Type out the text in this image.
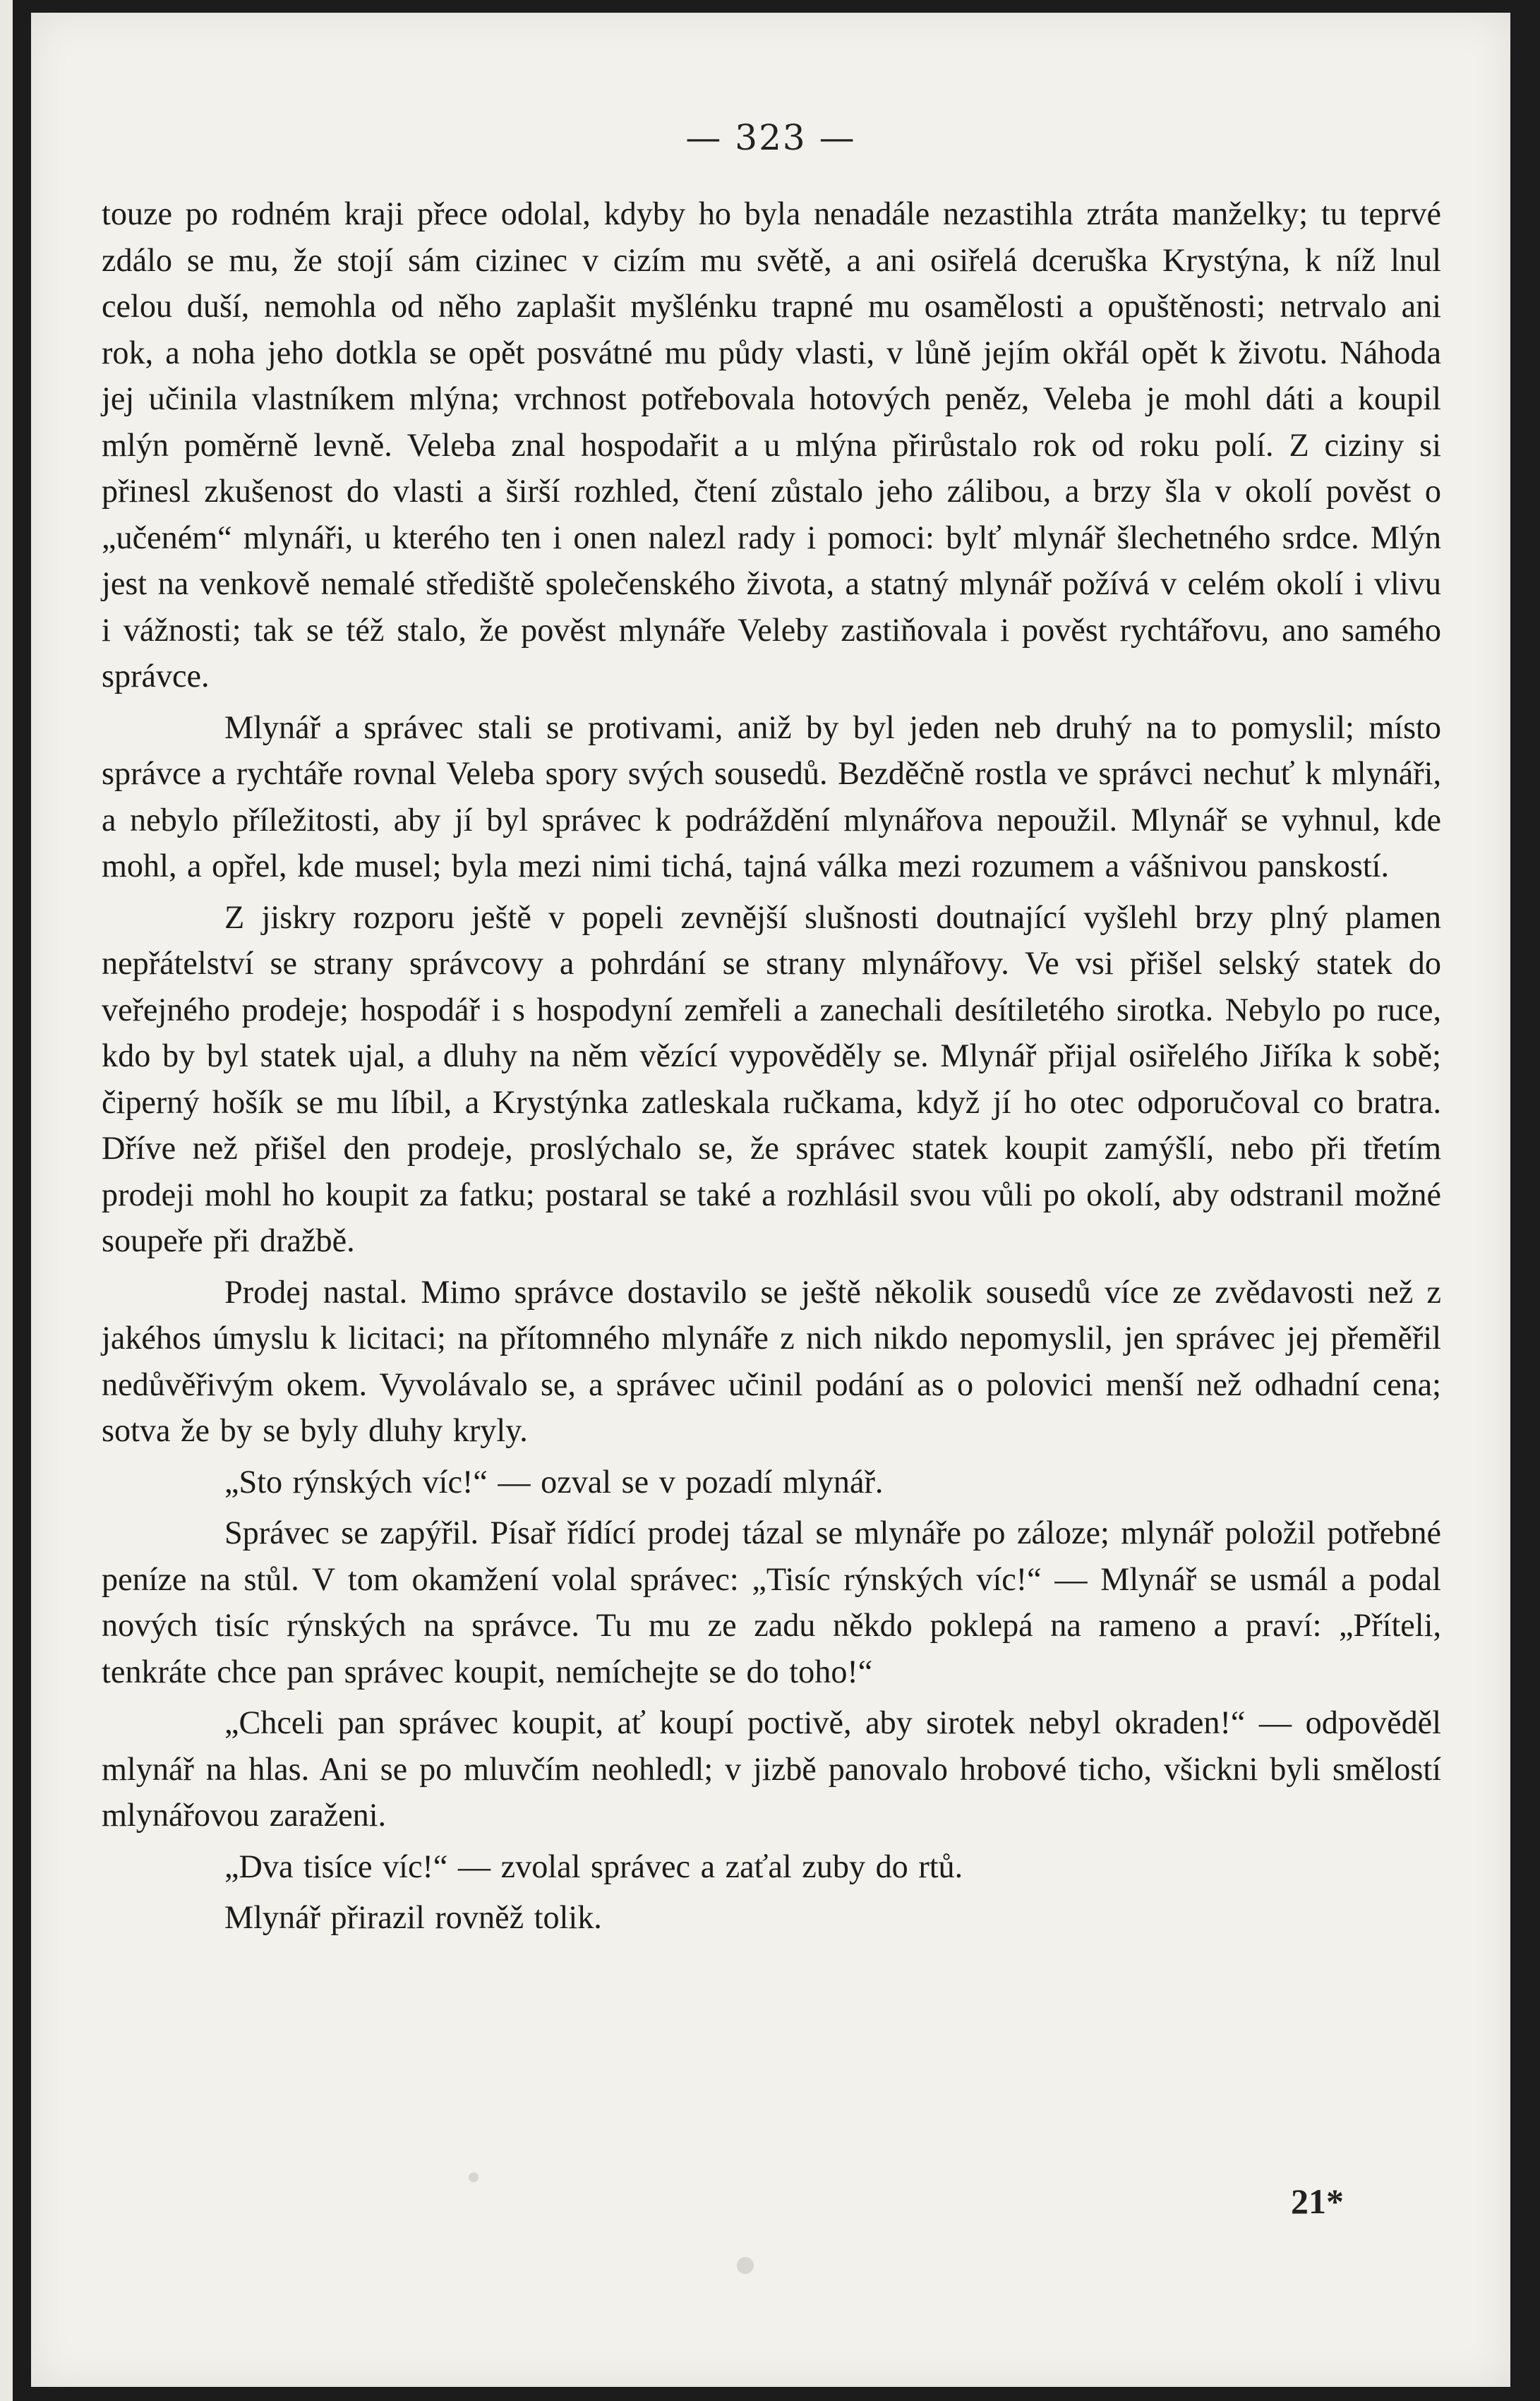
— 323 —

touze po rodném kraji přece odolal, kdyby ho byla nenadále nezastihla ztráta manželky; tu teprvé zdálo se mu, že stojí sám cizinec v cizím mu světě, a ani osiřelá dceruška Krystýna, k níž lnul celou duší, nemohla od něho zaplašit myšlénku trapné mu osamělosti a opuštěnosti; netrvalo ani rok, a noha jeho dotkla se opět posvátné mu půdy vlasti, v lůně jejím okřál opět k životu. Náhoda jej učinila vlastníkem mlýna; vrchnost potřebovala hotových peněz, Veleba je mohl dáti a koupil mlýn poměrně levně. Veleba znal hospodařit a u mlýna přirůstalo rok od roku polí. Z ciziny si přinesl zkušenost do vlasti a širší rozhled, čtení zůstalo jeho zálibou, a brzy šla v okolí pověst o „učeném“ mlynáři, u kterého ten i onen nalezl rady i pomoci: bylť mlynář šlechetného srdce. Mlýn jest na venkově nemalé střediště společenského života, a statný mlynář požívá v celém okolí i vlivu i vážnosti; tak se též stalo, že pověst mlynáře Veleby zastiňovala i pověst rychtářovu, ano samého správce.

Mlynář a správec stali se protivami, aniž by byl jeden neb druhý na to pomyslil; místo správce a rychtáře rovnal Veleba spory svých sousedů. Bezděčně rostla ve správci nechuť k mlynáři, a nebylo příležitosti, aby jí byl správec k podráždění mlynářova nepoužil. Mlynář se vyhnul, kde mohl, a opřel, kde musel; byla mezi nimi tichá, tajná válka mezi rozumem a vášnivou panskostí.

Z jiskry rozporu ještě v popeli zevnější slušnosti doutnající vyšlehl brzy plný plamen nepřátelství se strany správcovy a pohrdání se strany mlynářovy. Ve vsi přišel selský statek do veřejného prodeje; hospodář i s hospodyní zemřeli a zanechali desítiletého sirotka. Nebylo po ruce, kdo by byl statek ujal, a dluhy na něm vězící vypověděly se. Mlynář přijal osiřelého Jiříka k sobě; čiperný hošík se mu líbil, a Krystýnka zatleskala ručkama, když jí ho otec odporučoval co bratra. Dříve než přišel den prodeje, proslýchalo se, že správec statek koupit zamýšlí, nebo při třetím prodeji mohl ho koupit za fatku; postaral se také a rozhlásil svou vůli po okolí, aby odstranil možné soupeře při dražbě.

Prodej nastal. Mimo správce dostavilo se ještě několik sousedů více ze zvědavosti než z jakéhos úmyslu k licitaci; na přítomného mlynáře z nich nikdo nepomyslil, jen správec jej přeměřil nedůvěřivým okem. Vyvolávalo se, a správec učinil podání as o polovici menší než odhadní cena; sotva že by se byly dluhy kryly.

„Sto rýnských víc!“ — ozval se v pozadí mlynář.

Správec se zapýřil. Písař řídící prodej tázal se mlynáře po záloze; mlynář položil potřebné peníze na stůl. V tom okamžení volal správec: „Tisíc rýnských víc!“ — Mlynář se usmál a podal nových tisíc rýnských na správce. Tu mu ze zadu někdo poklepá na rameno a praví: „Příteli, tenkráte chce pan správec koupit, nemíchejte se do toho!“

„Chceli pan správec koupit, ať koupí poctivě, aby sirotek nebyl okraden!“ — odpověděl mlynář na hlas. Ani se po mluvčím neohledl; v jizbě panovalo hrobové ticho, všickni byli smělostí mlynářovou zaraženi.

„Dva tisíce víc!“ — zvolal správec a zaťal zuby do rtů.

Mlynář přirazil rovněž tolik.

21*
